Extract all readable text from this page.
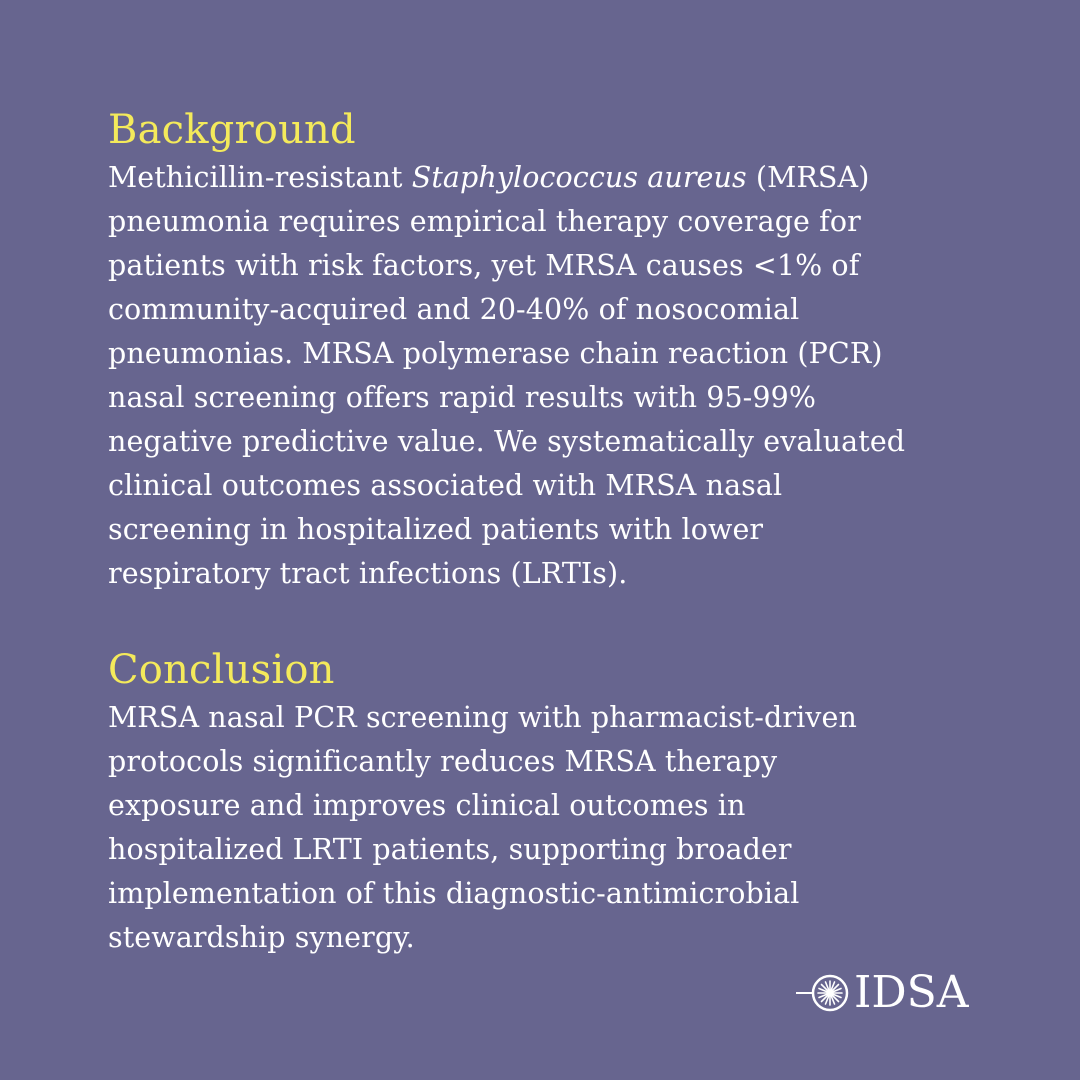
Background

Methicillin-resistant Staphylococcus aureus (MRSA)
pneumonia requires empirical therapy coverage for
patients with risk factors, yet MRSA causes <1% of
community-acquired and 20-40% of nosocomial
pneumonias. MRSA polymerase chain reaction (PCR)
nasal screening offers rapid results with 95-99%
negative predictive value. We systematically evaluated
clinical outcomes associated with MRSA nasal
screening in hospitalized patients with lower
respiratory tract infections (LRTIs).

Conclusion

MRSA nasal PCR screening with pharmacist-driven
protocols significantly reduces MRSA therapy
exposure and improves clinical outcomes in
hospitalized LRTI patients, supporting broader
implementation of this diagnostic-antimicrobial
stewardship synergy.

IDSA
